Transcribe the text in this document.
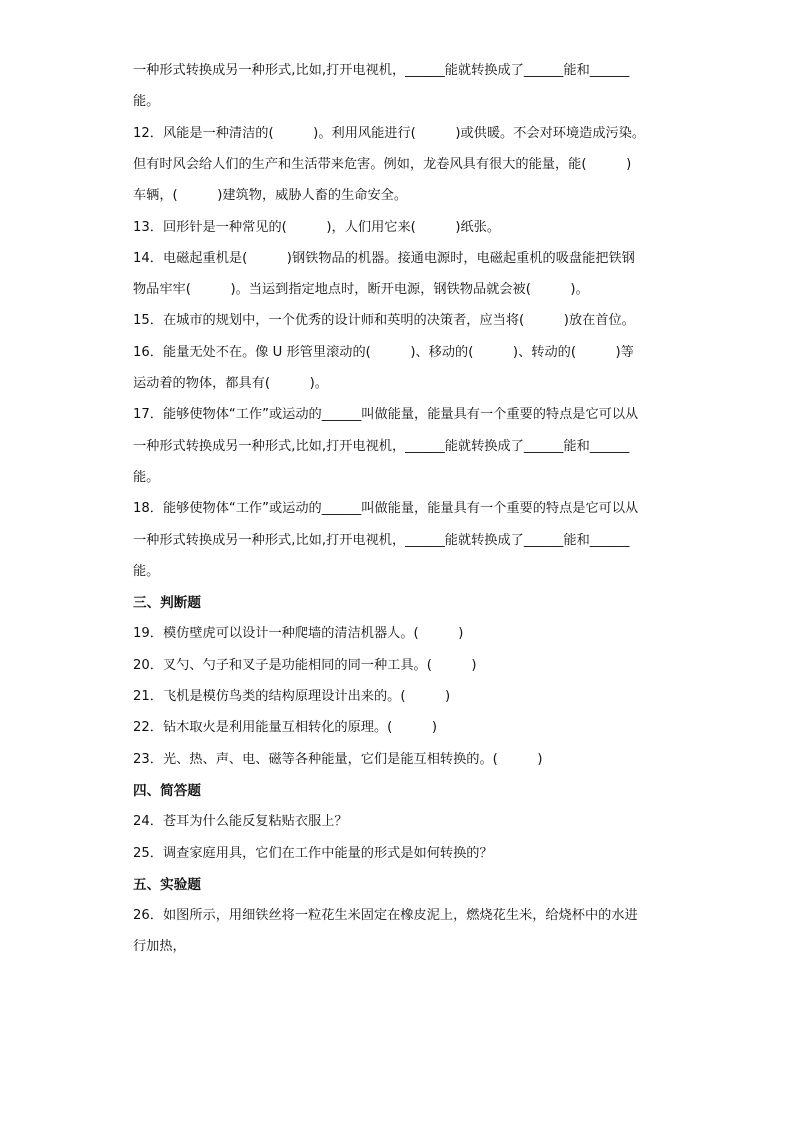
一种形式转换成另一种形式,比如,打开电视机，______能就转换成了______能和______
能。
12．风能是一种清洁的(　　　)。利用风能进行(　　　)或供暖。不会对环境造成污染。
但有时风会给人们的生产和生活带来危害。例如，龙卷风具有很大的能量，能(　　　)
车辆，(　　　)建筑物，威胁人畜的生命安全。
13．回形针是一种常见的(　　　)，人们用它来(　　　)纸张。
14．电磁起重机是(　　　)钢铁物品的机器。接通电源时，电磁起重机的吸盘能把铁钢
物品牢牢(　　　)。当运到指定地点时，断开电源，钢铁物品就会被(　　　)。
15．在城市的规划中，一个优秀的设计师和英明的决策者，应当将(　　　)放在首位。
16．能量无处不在。像 U 形管里滚动的(　　　)、移动的(　　　)、转动的(　　　)等
运动着的物体，都具有(　　　)。
17．能够使物体“工作”或运动的______叫做能量，能量具有一个重要的特点是它可以从
一种形式转换成另一种形式,比如,打开电视机，______能就转换成了______能和______
能。
18．能够使物体“工作”或运动的______叫做能量，能量具有一个重要的特点是它可以从
一种形式转换成另一种形式,比如,打开电视机，______能就转换成了______能和______
能。
三、判断题
19．模仿壁虎可以设计一种爬墙的清洁机器人。(　　　)
20．叉勺、勺子和叉子是功能相同的同一种工具。(　　　)
21．飞机是模仿鸟类的结构原理设计出来的。(　　　)
22．钻木取火是利用能量互相转化的原理。(　　　)
23．光、热、声、电、磁等各种能量，它们是能互相转换的。(　　　)
四、简答题
24．苍耳为什么能反复粘贴衣服上？
25．调查家庭用具，它们在工作中能量的形式是如何转换的？
五、实验题
26．如图所示，用细铁丝将一粒花生米固定在橡皮泥上，燃烧花生米，给烧杯中的水进
行加热，
